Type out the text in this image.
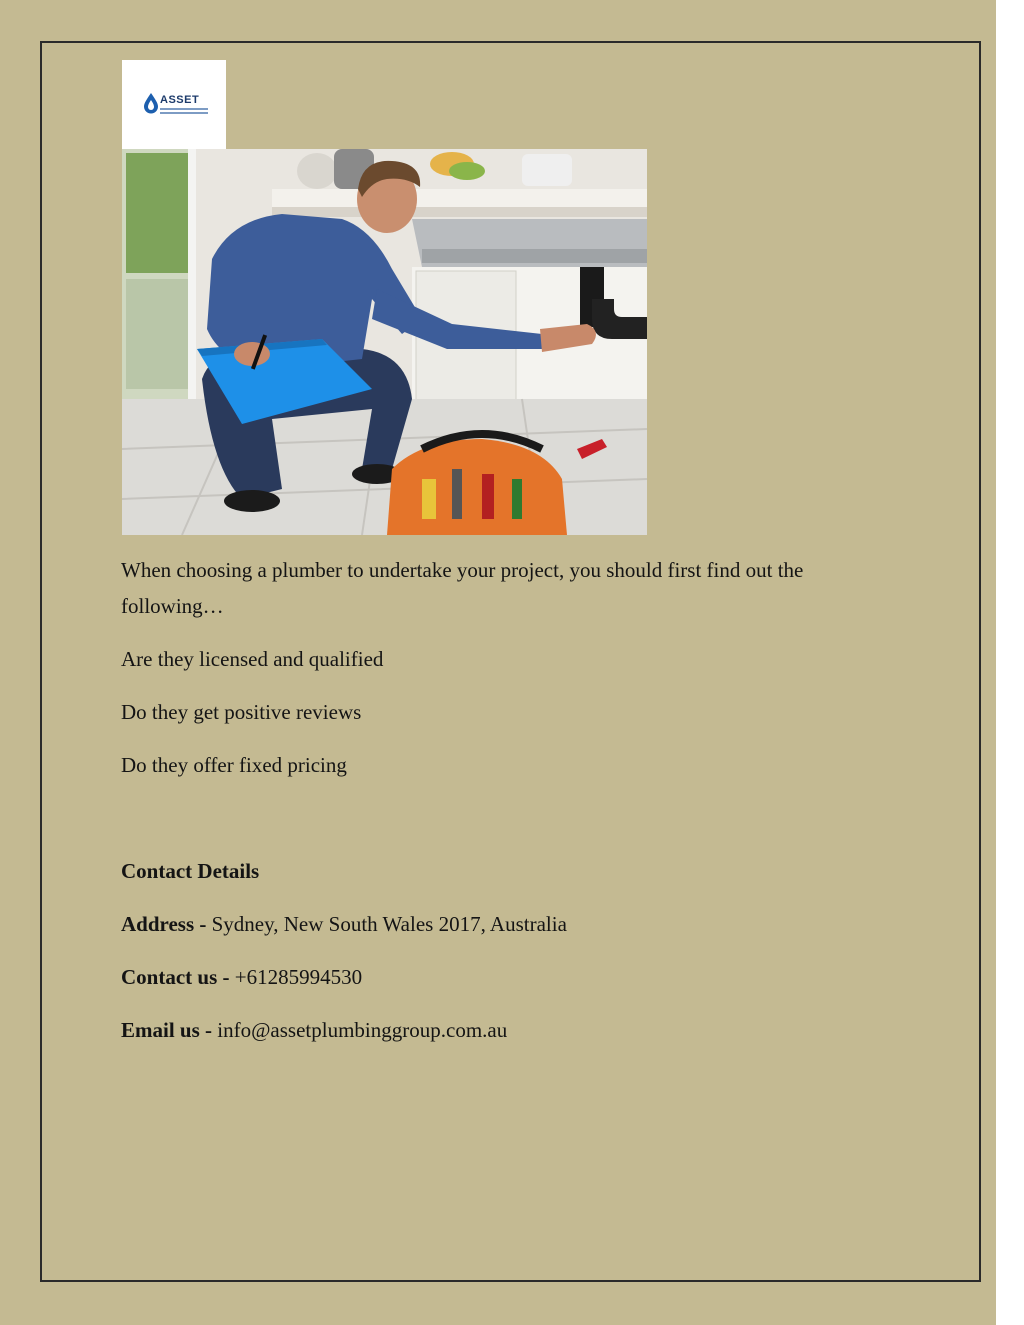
ASSET
When choosing a plumber to undertake your project, you should first find out the following…
Are they licensed and qualified
Do they get positive reviews
Do they offer fixed pricing
Contact Details
Address - Sydney, New South Wales 2017, Australia
Contact us - +61285994530
Email us - info@assetplumbinggroup.com.au
